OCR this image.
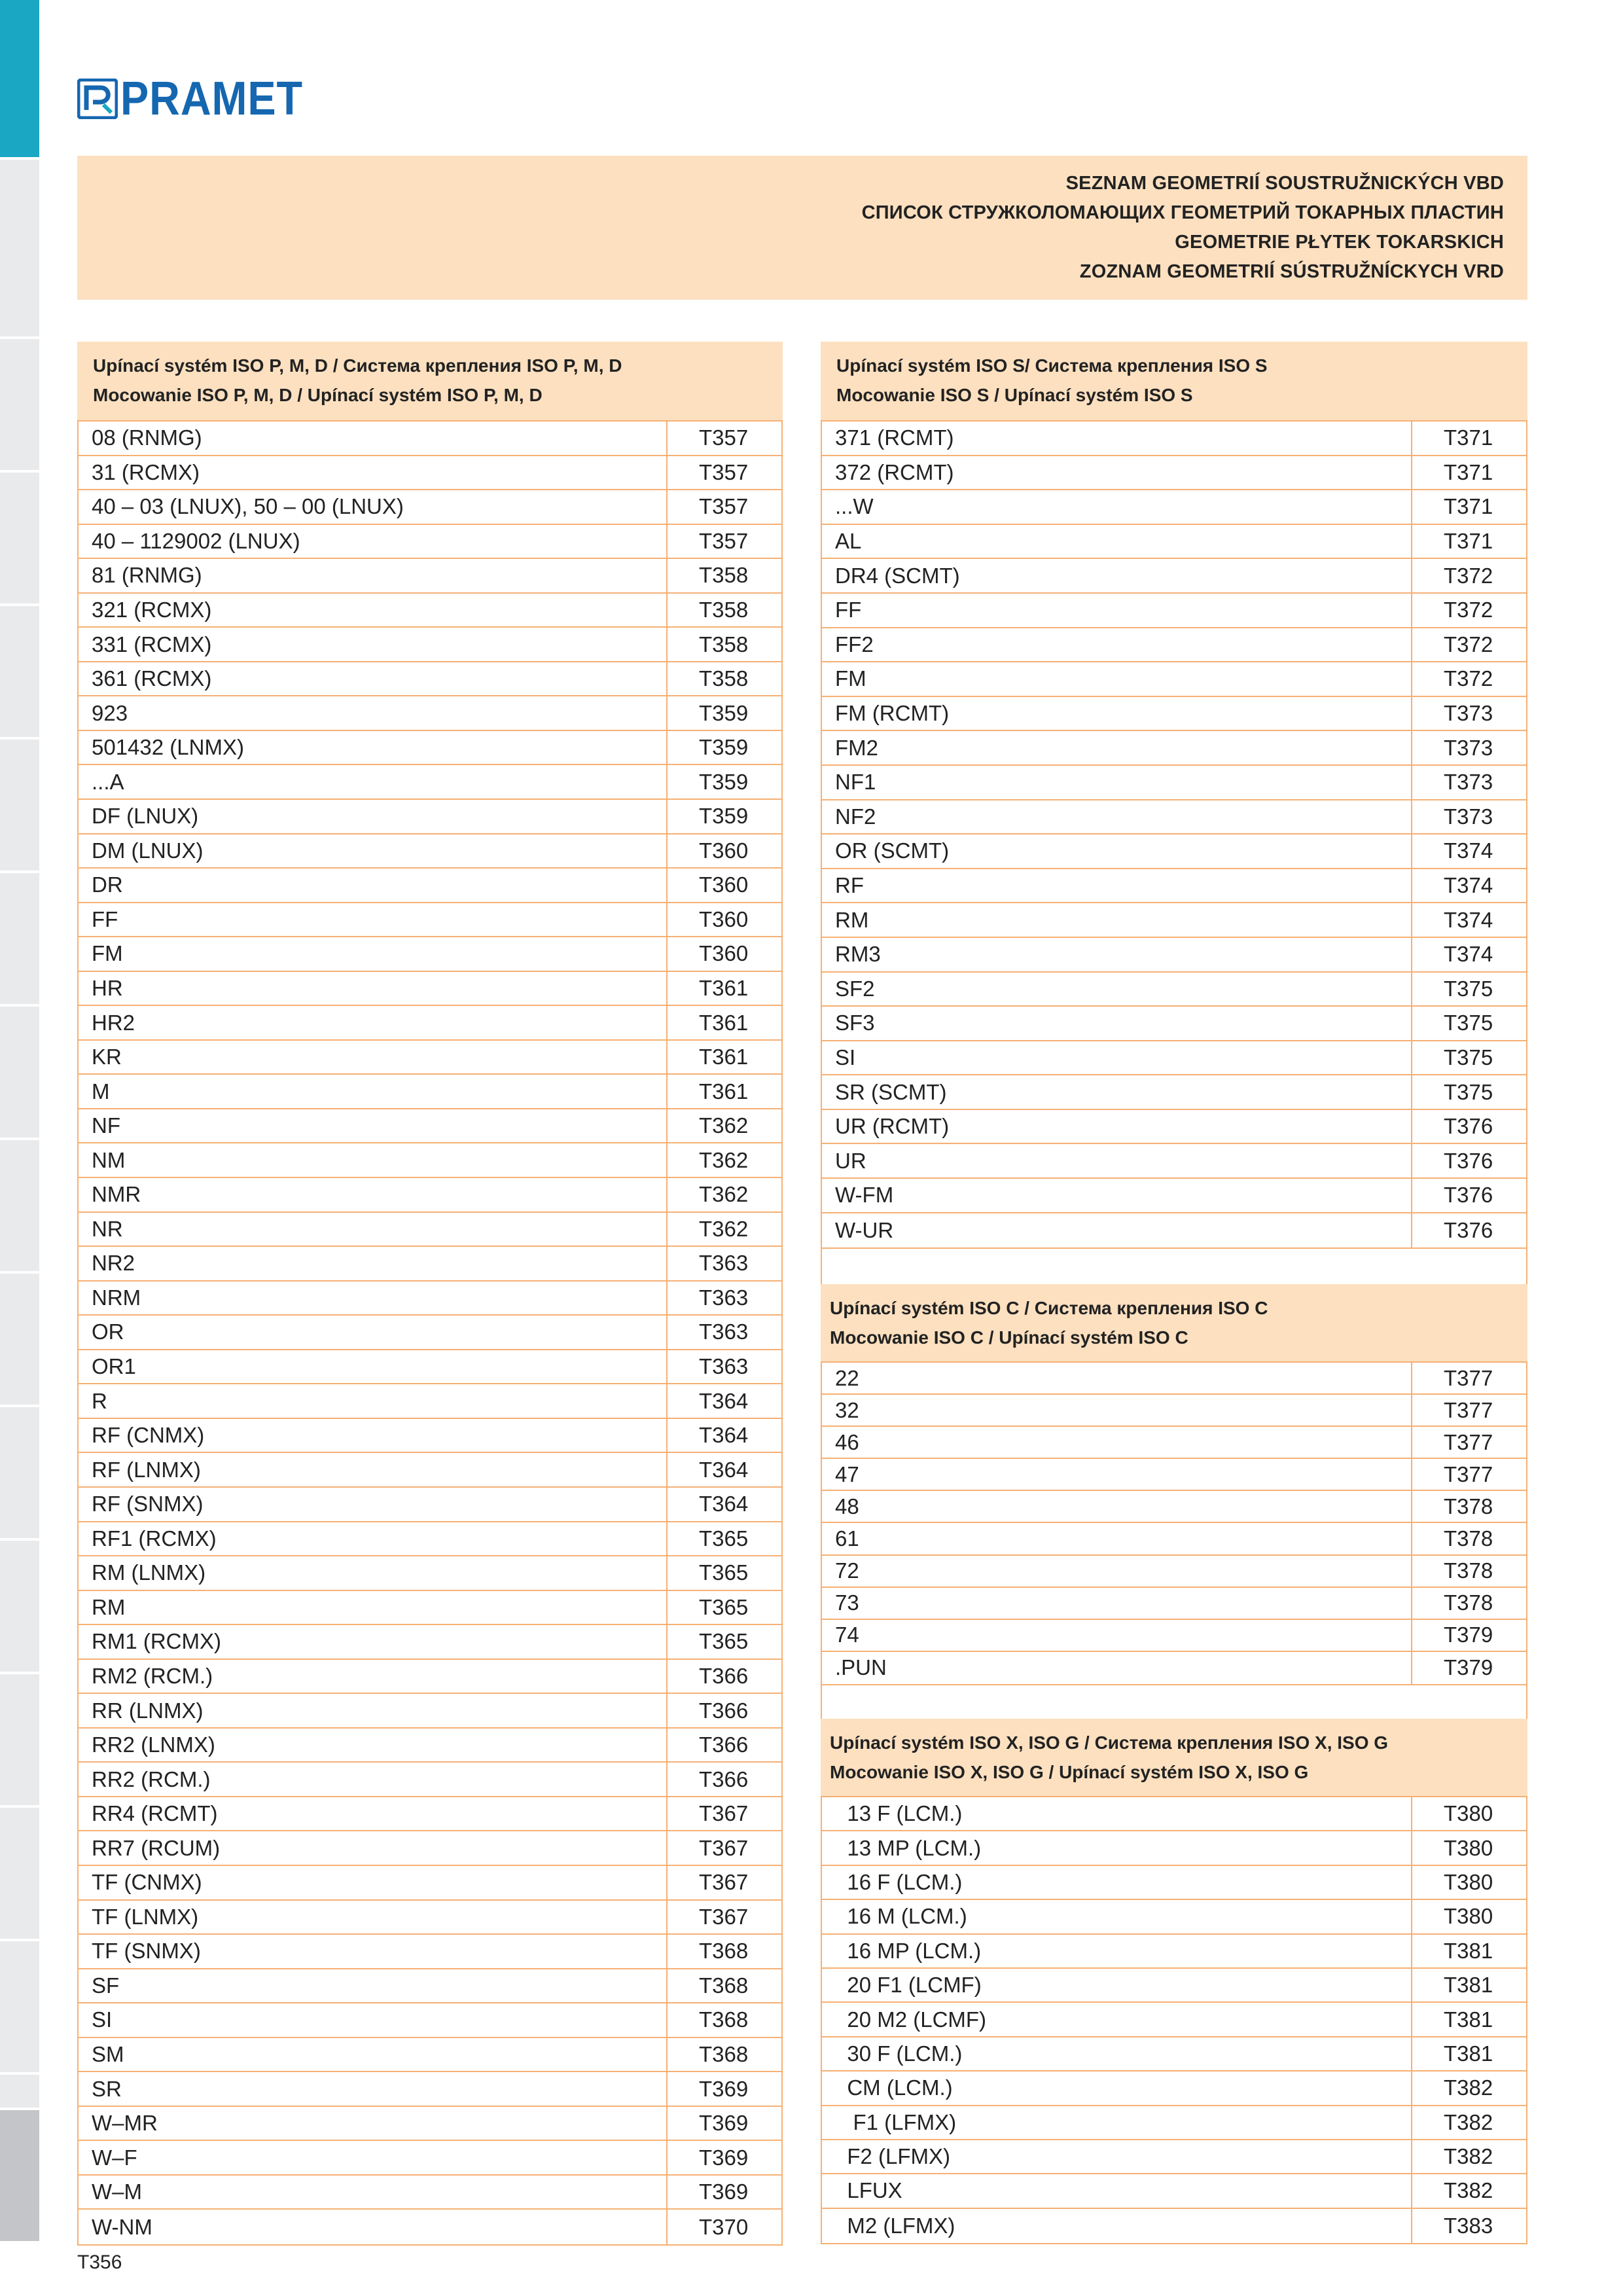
PRAMET
SEZNAM GEOMETRIÍ SOUSTRUŽNICKÝCH VBD
СПИСОК СТРУЖКОЛОМАЮЩИХ ГЕОМЕТРИЙ ТОКАРНЫХ ПЛАСТИН
GEOMETRIE PŁYTEK TOKARSKICH
ZOZNAM GEOMETRIÍ SÚSTRUŽNÍCKYCH VRD
Upínací systém ISO P, M, D / Система крепления ISO P, M, D
Mocowanie ISO P, M, D / Upínací systém ISO P, M, D
08 (RNMG)	T357
31 (RCMX)	T357
40 – 03 (LNUX), 50 – 00 (LNUX)	T357
40 – 1129002 (LNUX)	T357
81 (RNMG)	T358
321 (RCMX)	T358
331 (RCMX)	T358
361 (RCMX)	T358
923	T359
501432 (LNMX)	T359
...A	T359
DF (LNUX)	T359
DM (LNUX)	T360
DR	T360
FF	T360
FM	T360
HR	T361
HR2	T361
KR	T361
M	T361
NF	T362
NM	T362
NMR	T362
NR	T362
NR2	T363
NRM	T363
OR	T363
OR1	T363
R	T364
RF (CNMX)	T364
RF (LNMX)	T364
RF (SNMX)	T364
RF1 (RCMX)	T365
RM (LNMX)	T365
RM	T365
RM1 (RCMX)	T365
RM2 (RCM.)	T366
RR (LNMX)	T366
RR2 (LNMX)	T366
RR2 (RCM.)	T366
RR4 (RCMT)	T367
RR7 (RCUM)	T367
TF (CNMX)	T367
TF (LNMX)	T367
TF (SNMX)	T368
SF	T368
SI	T368
SM	T368
SR	T369
W–MR	T369
W–F	T369
W–M	T369
W-NM	T370
Upínací systém ISO S/ Система крепления ISO S
Mocowanie ISO S / Upínací systém ISO S
371 (RCMT)	T371
372 (RCMT)	T371
...W	T371
AL	T371
DR4 (SCMT)	T372
FF	T372
FF2	T372
FM	T372
FM (RCMT)	T373
FM2	T373
NF1	T373
NF2	T373
OR (SCMT)	T374
RF	T374
RM	T374
RM3	T374
SF2	T375
SF3	T375
SI	T375
SR (SCMT)	T375
UR (RCMT)	T376
UR	T376
W-FM	T376
W-UR	T376
Upínací systém ISO C / Система крепления ISO C
Mocowanie ISO C / Upínací systém ISO C
22	T377
32	T377
46	T377
47	T377
48	T378
61	T378
72	T378
73	T378
74	T379
.PUN	T379
Upínací systém ISO X, ISO G / Система крепления ISO X, ISO G
Mocowanie ISO X, ISO G / Upínací systém ISO X, ISO G
13 F (LCM.)	T380
13 MP (LCM.)	T380
16 F (LCM.)	T380
16 M (LCM.)	T380
16 MP (LCM.)	T381
20 F1 (LCMF)	T381
20 M2 (LCMF)	T381
30 F (LCM.)	T381
CM (LCM.)	T382
F1 (LFMX)	T382
F2 (LFMX)	T382
LFUX	T382
M2 (LFMX)	T383
T356
